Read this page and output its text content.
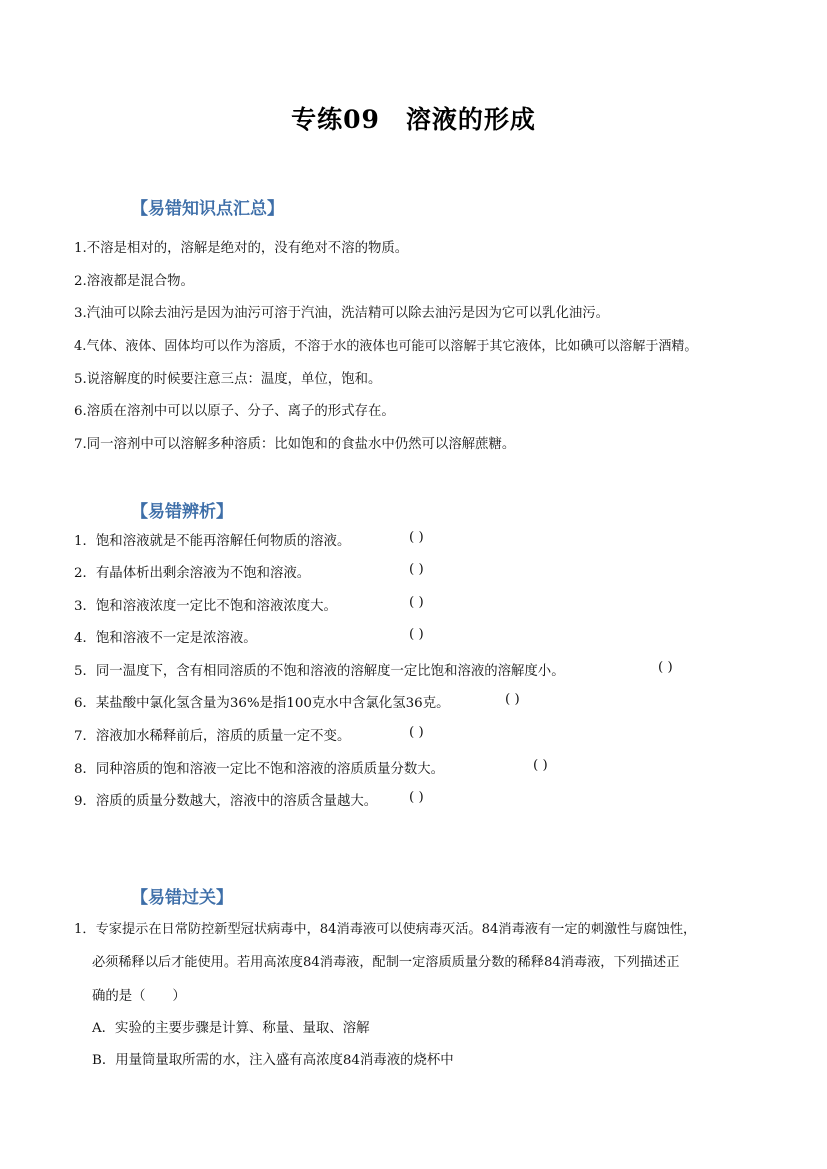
专练09　溶液的形成
【易错知识点汇总】
1.不溶是相对的，溶解是绝对的，没有绝对不溶的物质。
2.溶液都是混合物。
3.汽油可以除去油污是因为油污可溶于汽油，洗洁精可以除去油污是因为它可以乳化油污。
4.气体、液体、固体均可以作为溶质，不溶于水的液体也可能可以溶解于其它液体，比如碘可以溶解于酒精。
5.说溶解度的时候要注意三点：温度，单位，饱和。
6.溶质在溶剂中可以以原子、分子、离子的形式存在。
7.同一溶剂中可以溶解多种溶质：比如饱和的食盐水中仍然可以溶解蔗糖。
【易错辨析】
1．饱和溶液就是不能再溶解任何物质的溶液。	( )
2．有晶体析出剩余溶液为不饱和溶液。	( )
3．饱和溶液浓度一定比不饱和溶液浓度大。	( )
4．饱和溶液不一定是浓溶液。	( )
5．同一温度下，含有相同溶质的不饱和溶液的溶解度一定比饱和溶液的溶解度小。	( )
6．某盐酸中氯化氢含量为36%是指100克水中含氯化氢36克。	( )
7．溶液加水稀释前后，溶质的质量一定不变。	( )
8．同种溶质的饱和溶液一定比不饱和溶液的溶质质量分数大。	( )
9．溶质的质量分数越大，溶液中的溶质含量越大。 ( )
【易错过关】
1．专家提示在日常防控新型冠状病毒中，84消毒液可以使病毒灭活。84消毒液有一定的刺激性与腐蚀性，
必须稀释以后才能使用。若用高浓度84消毒液，配制一定溶质质量分数的稀释84消毒液，下列描述正
确的是（　　）
A．实验的主要步骤是计算、称量、量取、溶解
B．用量筒量取所需的水，注入盛有高浓度84消毒液的烧杯中
